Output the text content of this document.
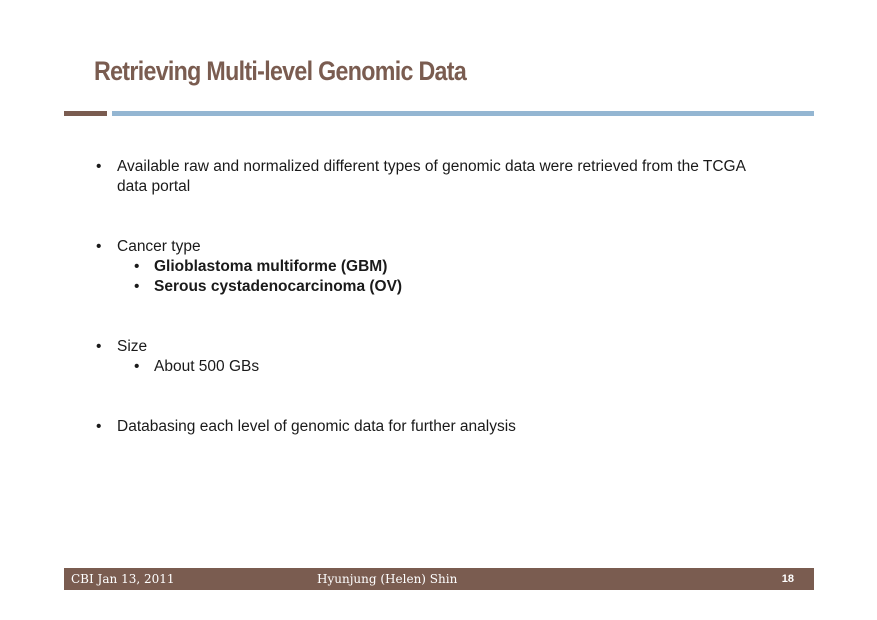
Retrieving Multi-level Genomic Data
• Available raw and normalized different types of genomic data were retrieved from the TCGA data portal
• Cancer type
• Glioblastoma multiforme (GBM)
• Serous cystadenocarcinoma (OV)
• Size
• About 500 GBs
• Databasing each level of genomic data for further analysis
CBI Jan 13, 2011	Hyunjung (Helen) Shin	18
